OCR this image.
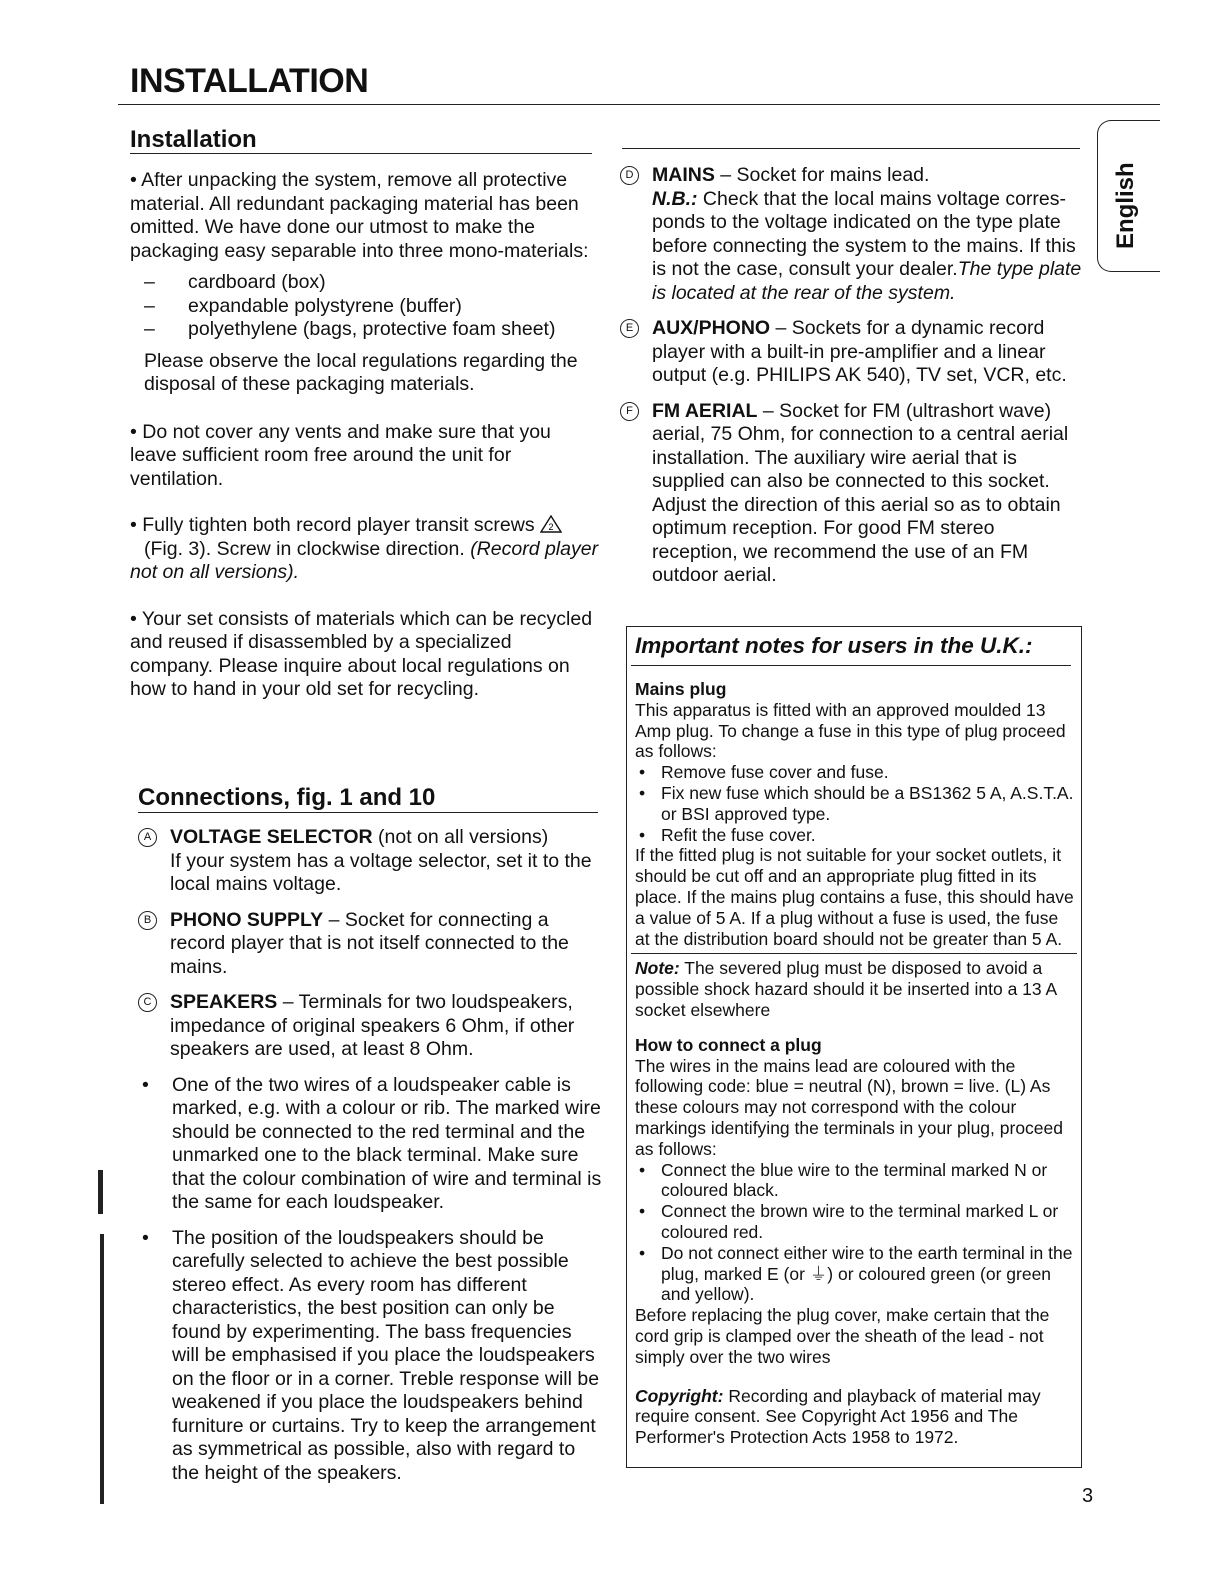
INSTALLATION
English
Installation

• After unpacking the system, remove all protective material. All redundant packaging material has been omitted. We have done our utmost to make the packaging easy separable into three mono-materials:

– cardboard (box)
– expandable polystyrene (buffer)
– polyethylene (bags, protective foam sheet)

Please observe the local regulations regarding the disposal of these packaging materials.

• Do not cover any vents and make sure that you leave sufficient room free around the unit for ventilation.

• Fully tighten both record player transit screws 2

(Fig. 3). Screw in clockwise direction. (Record player not on all versions).

• Your set consists of materials which can be recycled and reused if disassembled by a specialized company. Please inquire about local regulations on how to hand in your old set for recycling.

Connections, fig. 1 and 10
A VOLTAGE SELECTOR (not on all versions)

If your system has a voltage selector, set it to the local mains voltage.

B PHONO SUPPLY – Socket for connecting a record player that is not itself connected to the mains.

C SPEAKERS – Terminals for two loudspeakers, impedance of original speakers 6 Ohm, if other speakers are used, at least 8 Ohm.

• One of the two wires of a loudspeaker cable is marked, e.g. with a colour or rib. The marked wire should be connected to the red terminal and the unmarked one to the black terminal. Make sure that the colour combination of wire and terminal is the same for each loudspeaker.

• The position of the loudspeakers should be carefully selected to achieve the best possible stereo effect. As every room has different characteristics, the best position can only be found by experimenting. The bass frequencies will be emphasised if you place the loudspeakers on the floor or in a corner. Treble response will be weakened if you place the loudspeakers behind furniture or curtains. Try to keep the arrangement as symmetrical as possible, also with regard to the height of the speakers.

D MAINS – Socket for mains lead.

N.B.: Check that the local mains voltage corres- ponds to the voltage indicated on the type plate before connecting the system to the mains. If this is not the case, consult your dealer.The type plate is located at the rear of the system.

E AUX/PHONO – Sockets for a dynamic record player with a built-in pre-amplifier and a linear output (e.g. PHILIPS AK 540), TV set, VCR, etc.

F FM AERIAL – Socket for FM (ultrashort wave) aerial, 75 Ohm, for connection to a central aerial installation. The auxiliary wire aerial that is supplied can also be connected to this socket. Adjust the direction of this aerial so as to obtain optimum reception. For good FM stereo reception, we recommend the use of an FM outdoor aerial.

Important notes for users in the U.K.:
Mains plug

This apparatus is fitted with an approved moulded 13 Amp plug. To change a fuse in this type of plug proceed as follows:

• Remove fuse cover and fuse.
• Fix new fuse which should be a BS1362 5 A, A.S.T.A. or BSI approved type.
• Refit the fuse cover.

If the fitted plug is not suitable for your socket outlets, it should be cut off and an appropriate plug fitted in its place. If the mains plug contains a fuse, this should have a value of 5 A. If a plug without a fuse is used, the fuse at the distribution board should not be greater than 5 A.

Note: The severed plug must be disposed to avoid a possible shock hazard should it be inserted into a 13 A socket elsewhere

How to connect a plug

The wires in the mains lead are coloured with the following code: blue = neutral (N), brown = live. (L) As these colours may not correspond with the colour markings identifying the terminals in your plug, proceed as follows:

• Connect the blue wire to the terminal marked N or coloured black.
• Connect the brown wire to the terminal marked L or coloured red.
• Do not connect either wire to the earth terminal in the plug, marked E (or ⏚) or coloured green (or green and yellow).

Before replacing the plug cover, make certain that the cord grip is clamped over the sheath of the lead - not simply over the two wires

Copyright: Recording and playback of material may require consent. See Copyright Act 1956 and The Performer's Protection Acts 1958 to 1972.

3
